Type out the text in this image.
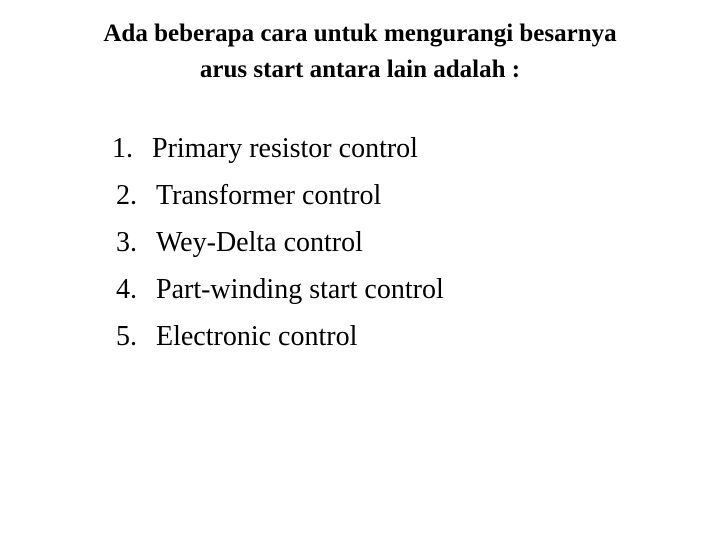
Ada beberapa cara untuk mengurangi besarnya
arus start antara lain adalah :
1. Primary resistor control
2. Transformer control
3. Wey-Delta control
4. Part-winding start control
5. Electronic control
